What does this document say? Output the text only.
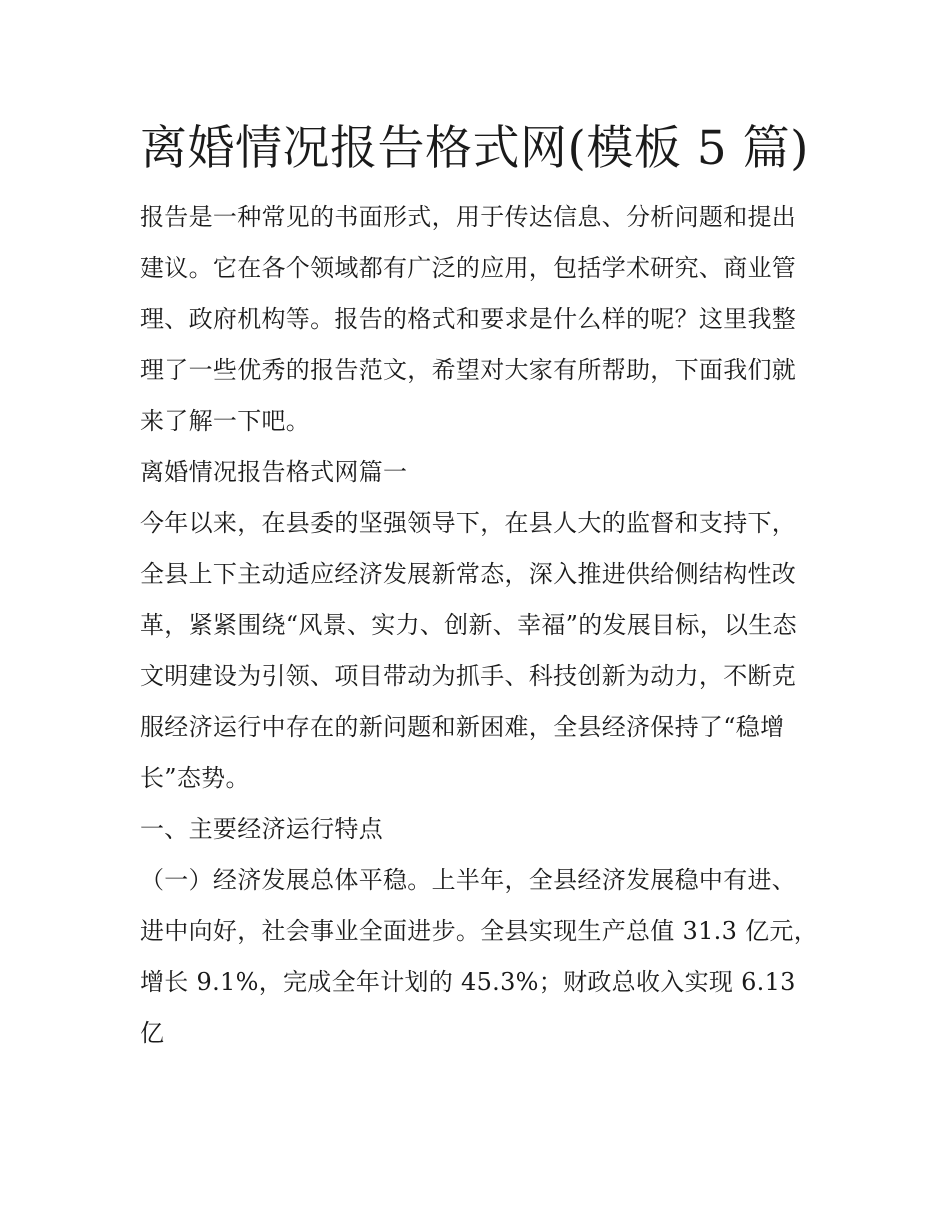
离婚情况报告格式网(模板 5 篇)

报告是一种常见的书面形式，用于传达信息、分析问题和提出建议。它在各个领域都有广泛的应用，包括学术研究、商业管理、政府机构等。报告的格式和要求是什么样的呢？这里我整理了一些优秀的报告范文，希望对大家有所帮助，下面我们就来了解一下吧。

离婚情况报告格式网篇一

今年以来，在县委的坚强领导下，在县人大的监督和支持下，全县上下主动适应经济发展新常态，深入推进供给侧结构性改革，紧紧围绕“风景、实力、创新、幸福”的发展目标，以生态文明建设为引领、项目带动为抓手、科技创新为动力，不断克服经济运行中存在的新问题和新困难，全县经济保持了“稳增长”态势。

一、主要经济运行特点

（一）经济发展总体平稳。上半年，全县经济发展稳中有进、进中向好，社会事业全面进步。全县实现生产总值 31.3 亿元，增长 9.1%，完成全年计划的 45.3%；财政总收入实现 6.13 亿
